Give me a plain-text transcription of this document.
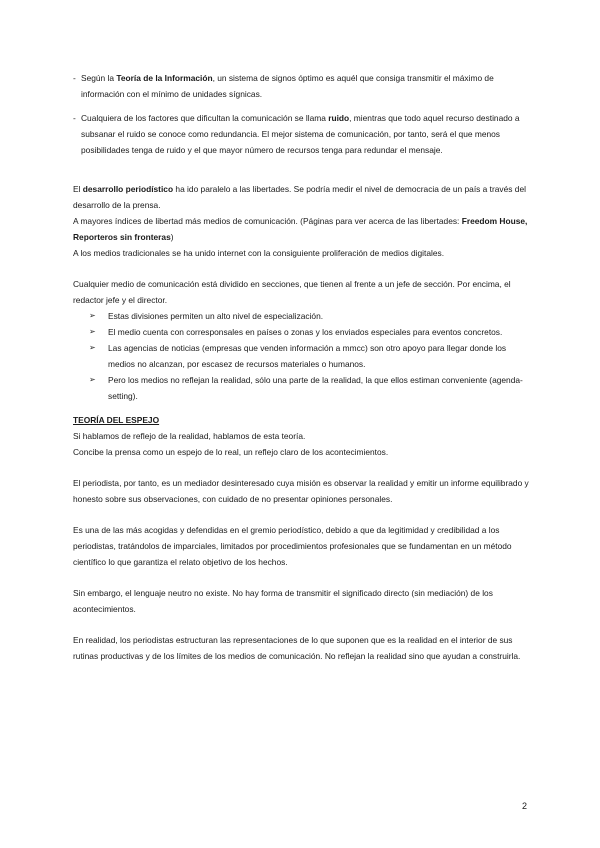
- Según la Teoría de la Información, un sistema de signos óptimo es aquél que consiga transmitir el máximo de información con el mínimo de unidades sígnicas.

- Cualquiera de los factores que dificultan la comunicación se llama ruido, mientras que todo aquel recurso destinado a subsanar el ruido se conoce como redundancia. El mejor sistema de comunicación, por tanto, será el que menos posibilidades tenga de ruido y el que mayor número de recursos tenga para redundar el mensaje.

El desarrollo periodístico ha ido paralelo a las libertades. Se podría medir el nivel de democracia de un país a través del desarrollo de la prensa.

A mayores índices de libertad más medios de comunicación. (Páginas para ver acerca de las libertades: Freedom House, Reporteros sin fronteras)

A los medios tradicionales se ha unido internet con la consiguiente proliferación de medios digitales.

Cualquier medio de comunicación está dividido en secciones, que tienen al frente a un jefe de sección. Por encima, el redactor jefe y el director.

➢ Estas divisiones permiten un alto nivel de especialización.
➢ El medio cuenta con corresponsales en países o zonas y los enviados especiales para eventos concretos.
➢ Las agencias de noticias (empresas que venden información a mmcc) son otro apoyo para llegar donde los medios no alcanzan, por escasez de recursos materiales o humanos.
➢ Pero los medios no reflejan la realidad, sólo una parte de la realidad, la que ellos estiman conveniente (agenda-setting).

TEORÍA DEL ESPEJO

Si hablamos de reflejo de la realidad, hablamos de esta teoría.

Concibe la prensa como un espejo de lo real, un reflejo claro de los acontecimientos.

El periodista, por tanto, es un mediador desinteresado cuya misión es observar la realidad y emitir un informe equilibrado y honesto sobre sus observaciones, con cuidado de no presentar opiniones personales.

Es una de las más acogidas y defendidas en el gremio periodístico, debido a que da legitimidad y credibilidad a los periodistas, tratándolos de imparciales, limitados por procedimientos profesionales que se fundamentan en un método científico lo que garantiza el relato objetivo de los hechos.

Sin embargo, el lenguaje neutro no existe. No hay forma de transmitir el significado directo (sin mediación) de los acontecimientos.

En realidad, los periodistas estructuran las representaciones de lo que suponen que es la realidad en el interior de sus rutinas productivas y de los límites de los medios de comunicación. No reflejan la realidad sino que ayudan a construirla.

2
